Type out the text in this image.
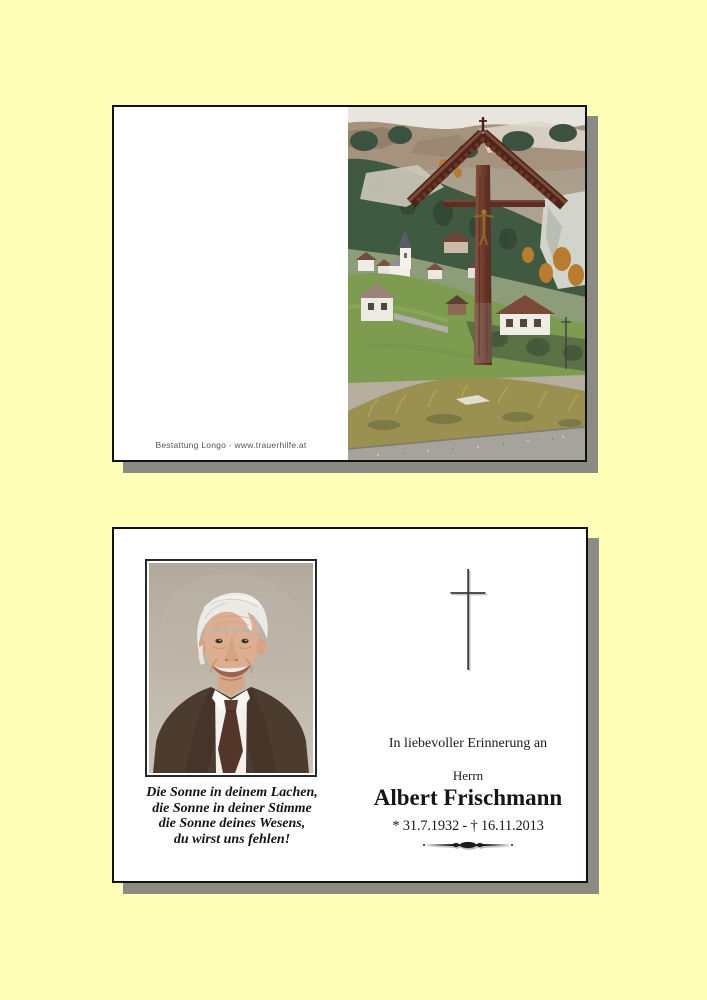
Bestattung Longo · www.trauerhilfe.at
Die Sonne in deinem Lachen,
die Sonne in deiner Stimme
die Sonne deines Wesens,
du wirst uns fehlen!
In liebevoller Erinnerung an
Herrn
Albert Frischmann
* 31.7.1932 - † 16.11.2013
